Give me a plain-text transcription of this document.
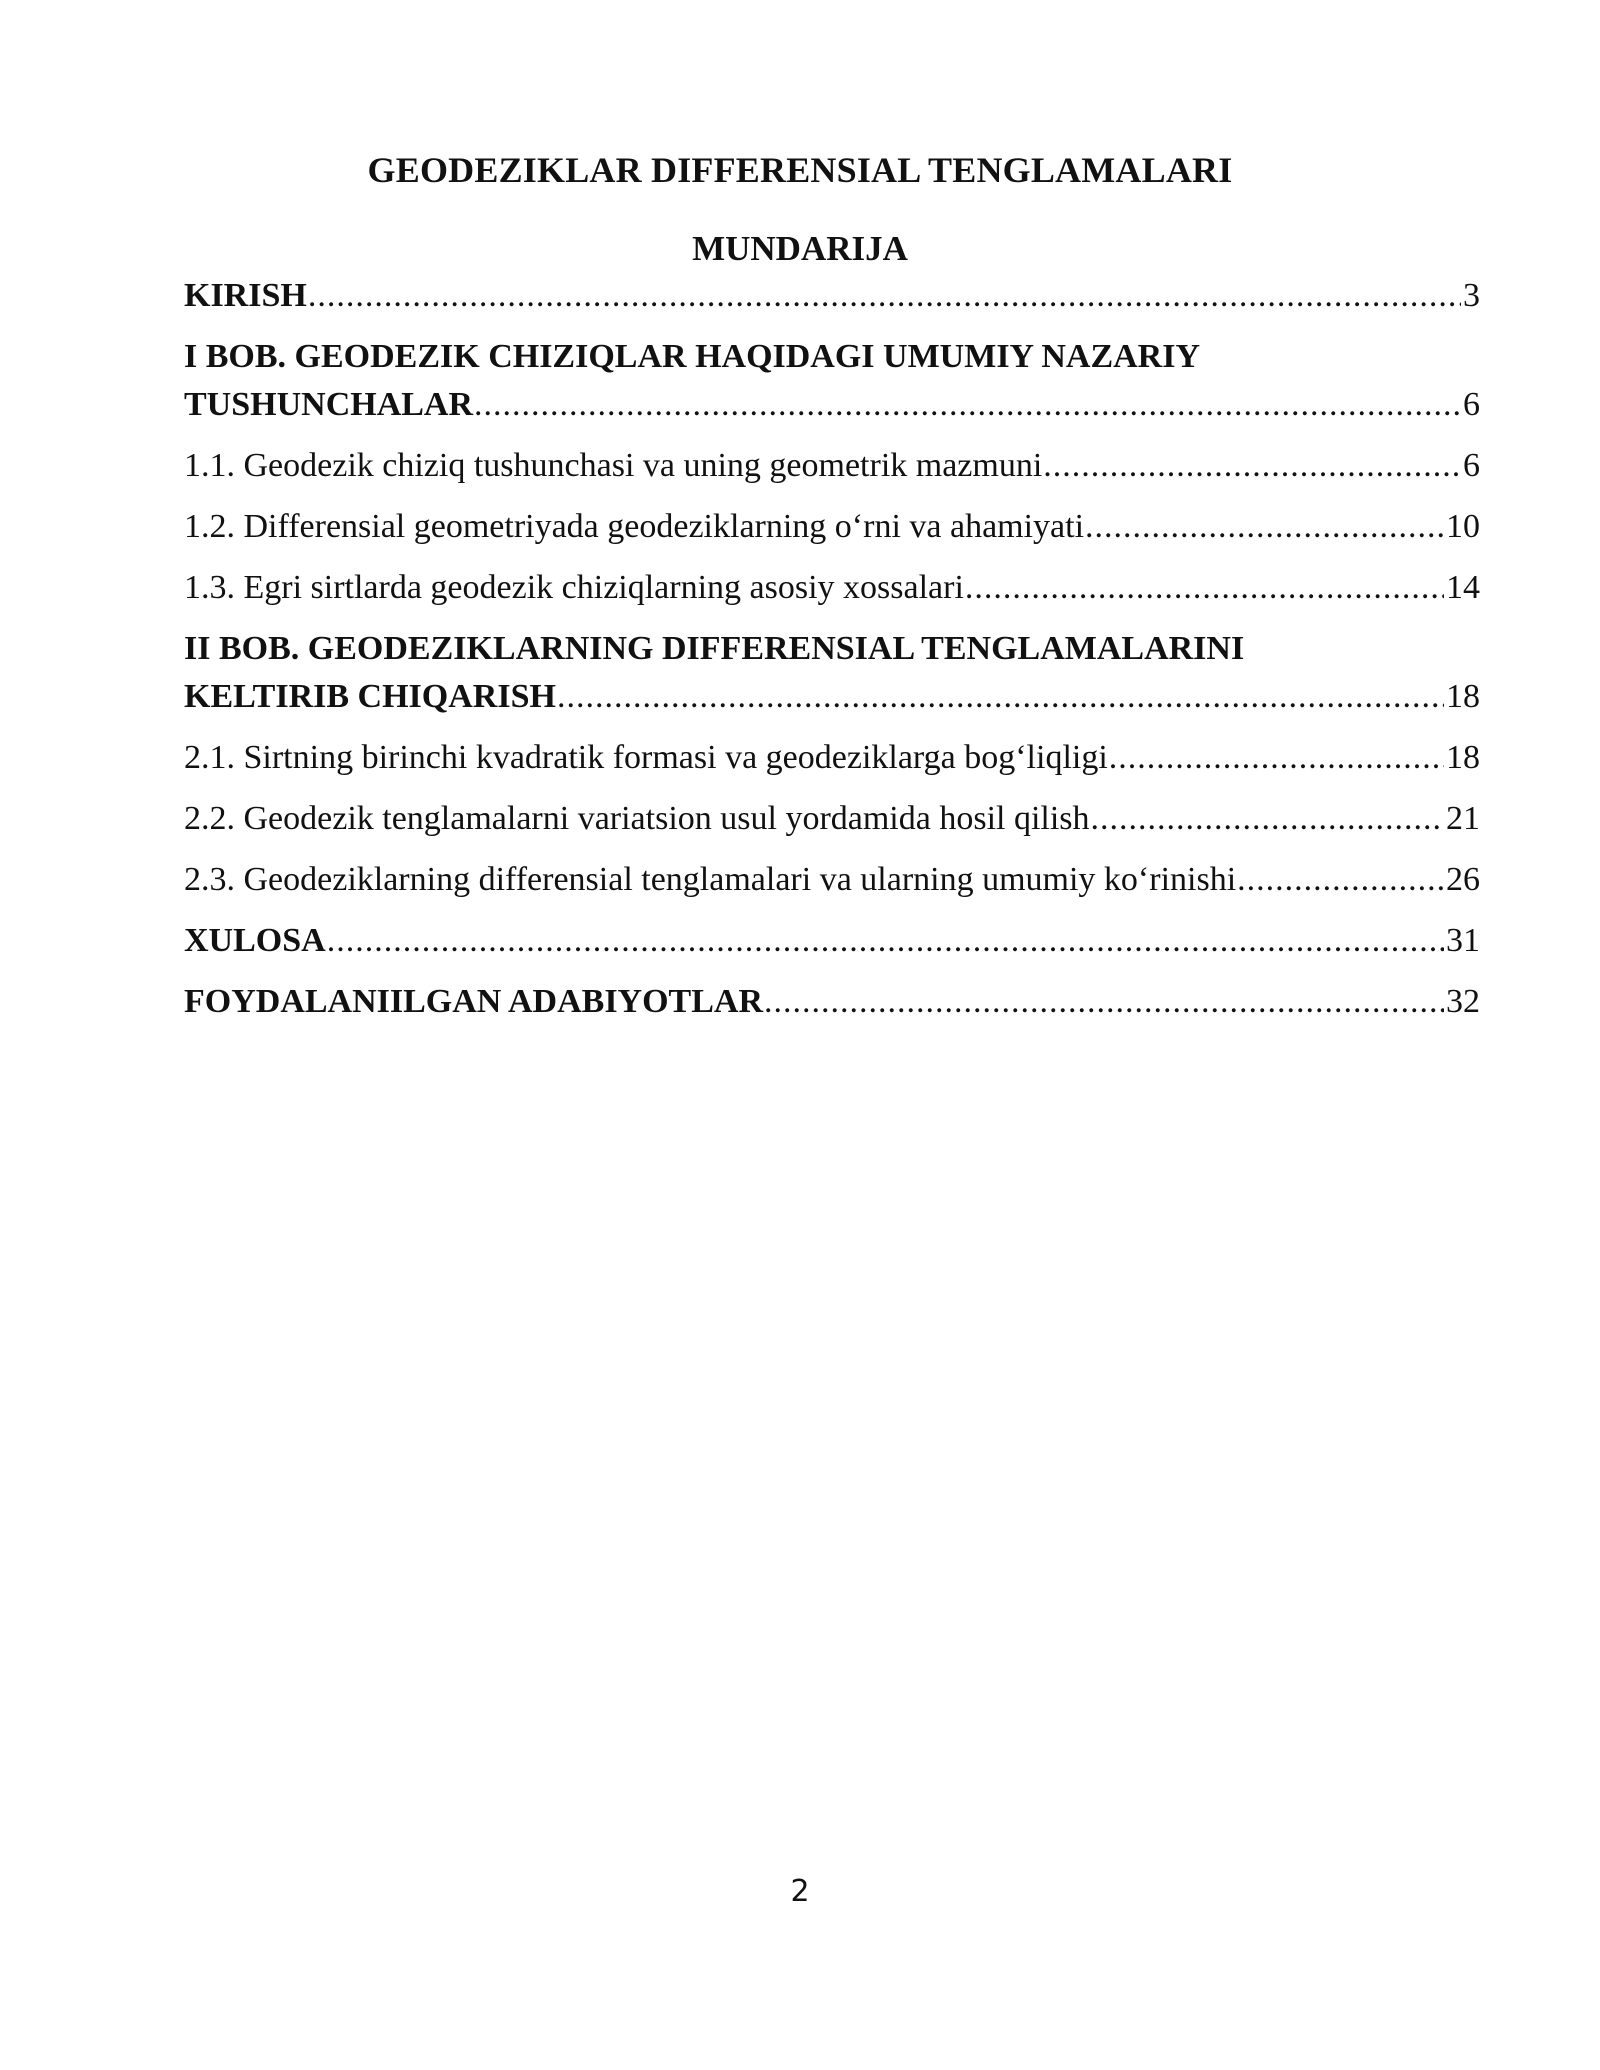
GEODEZIKLAR DIFFERENSIAL TENGLAMALARI
MUNDARIJA
KIRISH .....	3
I BOB. GEODEZIK CHIZIQLAR HAQIDAGI UMUMIY NAZARIY
TUSHUNCHALAR .....	6
1.1. Geodezik chiziq tushunchasi va uning geometrik mazmuni .....	6
1.2. Differensial geometriyada geodeziklarning o‘rni va ahamiyati .....	10
1.3. Egri sirtlarda geodezik chiziqlarning asosiy xossalari .....	14
II BOB. GEODEZIKLARNING DIFFERENSIAL TENGLAMALARINI
KELTIRIB CHIQARISH .....	18
2.1. Sirtning birinchi kvadratik formasi va geodeziklarga bog‘liqligi .....	18
2.2. Geodezik tenglamalarni variatsion usul yordamida hosil qilish .....	21
2.3. Geodeziklarning differensial tenglamalari va ularning umumiy ko‘rinishi .....	26
XULOSA .....	31
FOYDALANIILGAN ADABIYOTLAR .....	32
2
